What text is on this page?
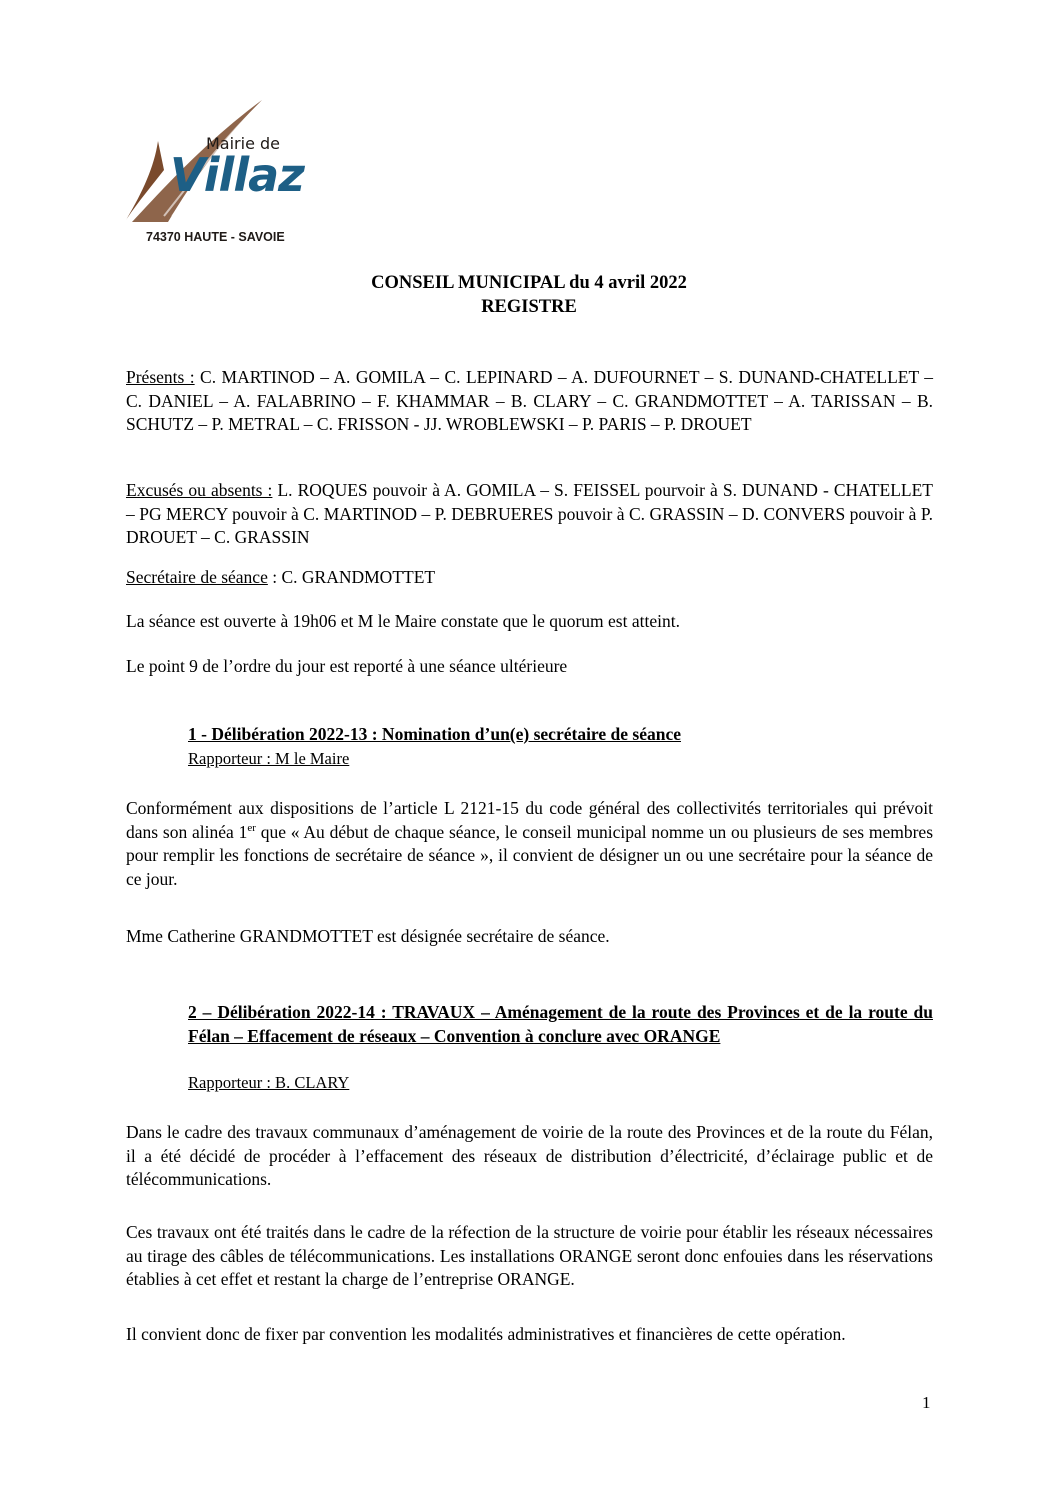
Mairie de
Villaz
74370 HAUTE - SAVOIE
CONSEIL MUNICIPAL du 4 avril 2022
REGISTRE
Présents : C. MARTINOD – A. GOMILA – C. LEPINARD – A. DUFOURNET – S. DUNAND-CHATELLET – C. DANIEL – A. FALABRINO – F. KHAMMAR – B. CLARY – C. GRANDMOTTET – A. TARISSAN – B. SCHUTZ – P. METRAL – C. FRISSON - JJ. WROBLEWSKI – P. PARIS – P. DROUET
Excusés ou absents : L. ROQUES pouvoir à A. GOMILA – S. FEISSEL pourvoir à S. DUNAND - CHATELLET – PG MERCY pouvoir à C. MARTINOD – P. DEBRUERES pouvoir à C. GRASSIN – D. CONVERS pouvoir à P. DROUET – C. GRASSIN
Secrétaire de séance : C. GRANDMOTTET
La séance est ouverte à 19h06 et M le Maire constate que le quorum est atteint.
Le point 9 de l’ordre du jour est reporté à une séance ultérieure
1 - Délibération 2022-13 : Nomination d’un(e) secrétaire de séance
Rapporteur : M le Maire
Conformément aux dispositions de l’article L 2121-15 du code général des collectivités territoriales qui prévoit dans son alinéa 1er que « Au début de chaque séance, le conseil municipal nomme un ou plusieurs de ses membres pour remplir les fonctions de secrétaire de séance », il convient de désigner un ou une secrétaire pour la séance de ce jour.
Mme Catherine GRANDMOTTET est désignée secrétaire de séance.
2 – Délibération 2022-14 : TRAVAUX – Aménagement de la route des Provinces et de la route du Félan – Effacement de réseaux – Convention à conclure avec ORANGE
Rapporteur : B. CLARY
Dans le cadre des travaux communaux d’aménagement de voirie de la route des Provinces et de la route du Félan, il a été décidé de procéder à l’effacement des réseaux de distribution d’électricité, d’éclairage public et de télécommunications.
Ces travaux ont été traités dans le cadre de la réfection de la structure de voirie pour établir les réseaux nécessaires au tirage des câbles de télécommunications. Les installations ORANGE seront donc enfouies dans les réservations établies à cet effet et restant la charge de l’entreprise ORANGE.
Il convient donc de fixer par convention les modalités administratives et financières de cette opération.
1
